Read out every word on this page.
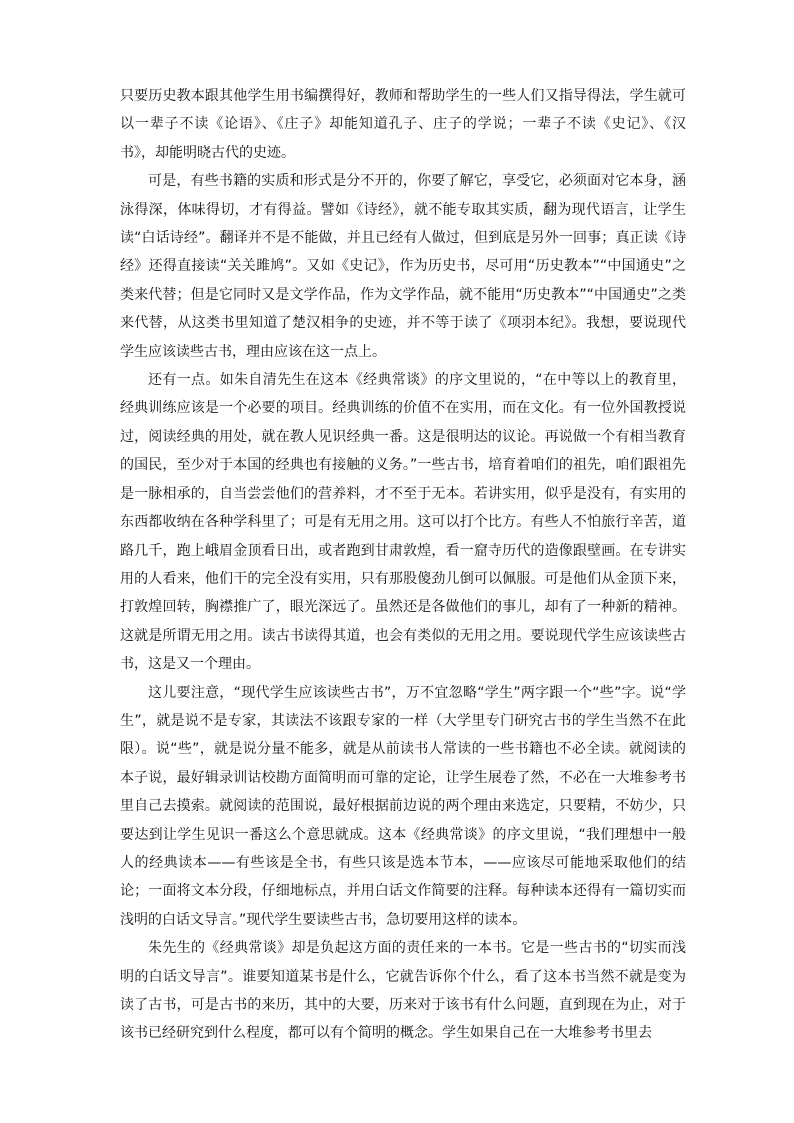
只要历史教本跟其他学生用书编撰得好，教师和帮助学生的一些人们又指导得法，学生就可以一辈子不读《论语》、《庄子》却能知道孔子、庄子的学说；一辈子不读《史记》、《汉书》，却能明晓古代的史迹。

可是，有些书籍的实质和形式是分不开的，你要了解它，享受它，必须面对它本身，涵泳得深，体味得切，才有得益。譬如《诗经》，就不能专取其实质，翻为现代语言，让学生读“白话诗经”。翻译并不是不能做，并且已经有人做过，但到底是另外一回事；真正读《诗经》还得直接读“关关雎鸠”。又如《史记》，作为历史书，尽可用“历史教本”“中国通史”之类来代替；但是它同时又是文学作品，作为文学作品，就不能用“历史教本”“中国通史”之类来代替，从这类书里知道了楚汉相争的史迹，并不等于读了《项羽本纪》。我想，要说现代学生应该读些古书，理由应该在这一点上。

还有一点。如朱自清先生在这本《经典常谈》的序文里说的，“在中等以上的教育里，经典训练应该是一个必要的项目。经典训练的价值不在实用，而在文化。有一位外国教授说过，阅读经典的用处，就在教人见识经典一番。这是很明达的议论。再说做一个有相当教育的国民，至少对于本国的经典也有接触的义务。”一些古书，培育着咱们的祖先，咱们跟祖先是一脉相承的，自当尝尝他们的营养料，才不至于无本。若讲实用，似乎是没有，有实用的东西都收纳在各种学科里了；可是有无用之用。这可以打个比方。有些人不怕旅行辛苦，道路几千，跑上峨眉金顶看日出，或者跑到甘肃敦煌，看一窟寺历代的造像跟壁画。在专讲实用的人看来，他们干的完全没有实用，只有那股傻劲儿倒可以佩服。可是他们从金顶下来，打敦煌回转，胸襟推广了，眼光深远了。虽然还是各做他们的事儿，却有了一种新的精神。这就是所谓无用之用。读古书读得其道，也会有类似的无用之用。要说现代学生应该读些古书，这是又一个理由。

这儿要注意，“现代学生应该读些古书”，万不宜忽略“学生”两字跟一个“些”字。说“学生”，就是说不是专家，其读法不该跟专家的一样（大学里专门研究古书的学生当然不在此限）。说“些”，就是说分量不能多，就是从前读书人常读的一些书籍也不必全读。就阅读的本子说，最好辑录训诂校勘方面简明而可靠的定论，让学生展卷了然，不必在一大堆参考书里自己去摸索。就阅读的范围说，最好根据前边说的两个理由来选定，只要精，不妨少，只要达到让学生见识一番这么个意思就成。这本《经典常谈》的序文里说，“我们理想中一般人的经典读本——有些该是全书，有些只该是选本节本，——应该尽可能地采取他们的结论；一面将文本分段，仔细地标点，并用白话文作简要的注释。每种读本还得有一篇切实而浅明的白话文导言。”现代学生要读些古书，急切要用这样的读本。

朱先生的《经典常谈》却是负起这方面的责任来的一本书。它是一些古书的“切实而浅明的白话文导言”。谁要知道某书是什么，它就告诉你个什么，看了这本书当然不就是变为读了古书，可是古书的来历，其中的大要，历来对于该书有什么问题，直到现在为止，对于该书已经研究到什么程度，都可以有个简明的概念。学生如果自己在一大堆参考书里去
